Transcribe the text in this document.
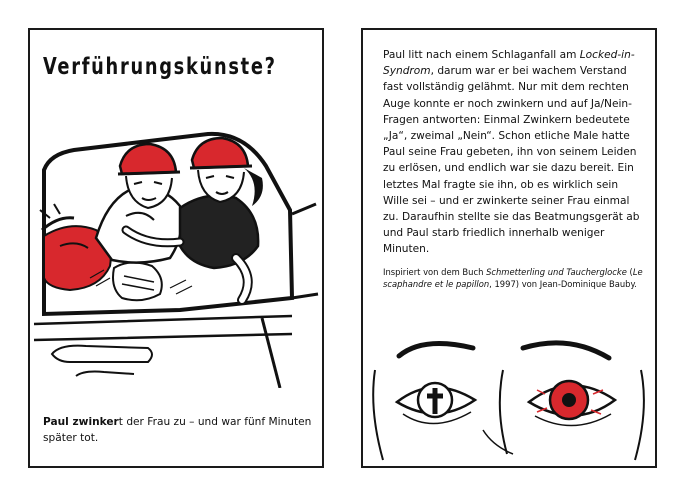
Verführungskünste?

Paul zwinkert der Frau zu – und war fünf Minuten später tot.

Paul litt nach einem Schlaganfall am Locked-in-Syndrom, darum war er bei wachem Verstand fast vollständig gelähmt. Nur mit dem rechten Auge konnte er noch zwinkern und auf Ja/Nein-Fragen antworten: Einmal Zwinkern bedeutete „Ja“, zweimal „Nein“. Schon etliche Male hatte Paul seine Frau gebeten, ihn von seinem Leiden zu erlösen, und endlich war sie dazu bereit. Ein letztes Mal fragte sie ihn, ob es wirklich sein Wille sei – und er zwinkerte seiner Frau einmal zu. Daraufhin stellte sie das Beatmungsgerät ab und Paul starb friedlich innerhalb weniger Minuten.

Inspiriert von dem Buch Schmetterling und Taucherglocke (Le scaphandre et le papillon, 1997) von Jean-Dominique Bauby.
